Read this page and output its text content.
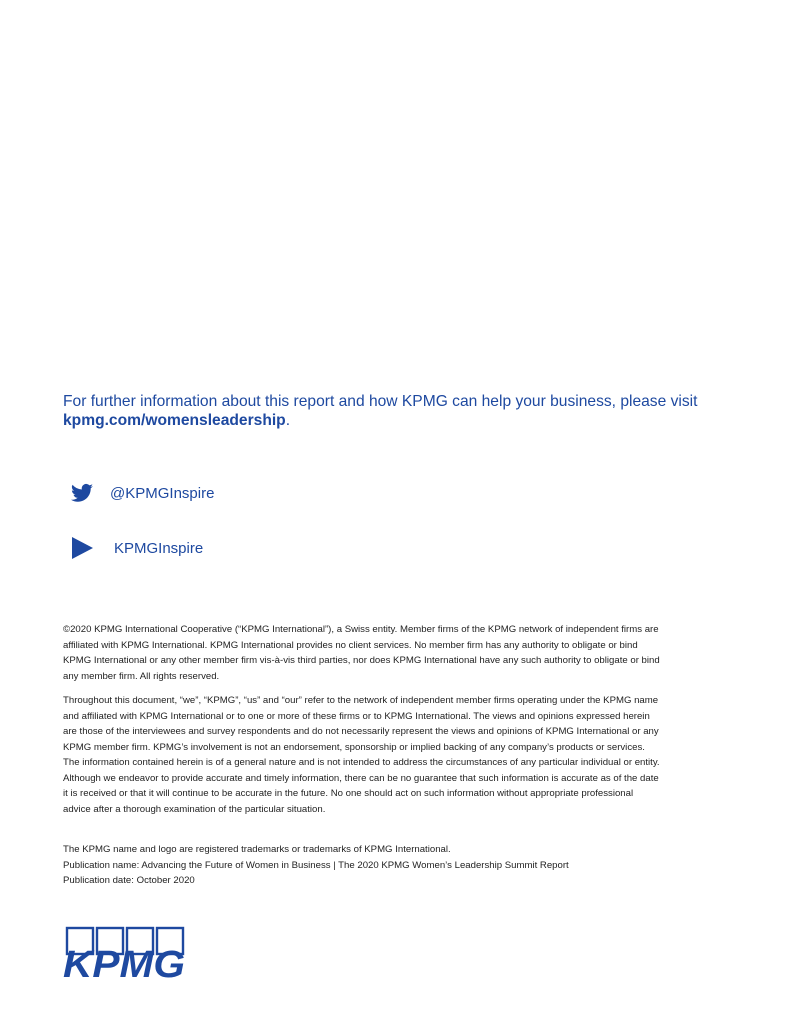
For further information about this report and how KPMG can help your business, please visit kpmg.com/womensleadership.
@KPMGInspire
KPMGInspire

©2020 KPMG International Cooperative (“KPMG International”), a Swiss entity. Member firms of the KPMG network of independent firms are affiliated with KPMG International. KPMG International provides no client services. No member firm has any authority to obligate or bind KPMG International or any other member firm vis-à-vis third parties, nor does KPMG International have any such authority to obligate or bind any member firm. All rights reserved.

Throughout this document, “we”, “KPMG”, “us” and “our” refer to the network of independent member firms operating under the KPMG name and affiliated with KPMG International or to one or more of these firms or to KPMG International. The views and opinions expressed herein are those of the interviewees and survey respondents and do not necessarily represent the views and opinions of KPMG International or any KPMG member firm. KPMG’s involvement is not an endorsement, sponsorship or implied backing of any company’s products or services. The information contained herein is of a general nature and is not intended to address the circumstances of any particular individual or entity. Although we endeavor to provide accurate and timely information, there can be no guarantee that such information is accurate as of the date it is received or that it will continue to be accurate in the future. No one should act on such information without appropriate professional advice after a thorough examination of the particular situation.

The KPMG name and logo are registered trademarks or trademarks of KPMG International.

Publication name: Advancing the Future of Women in Business | The 2020 KPMG Women’s Leadership Summit Report

Publication date: October 2020

KPMG
